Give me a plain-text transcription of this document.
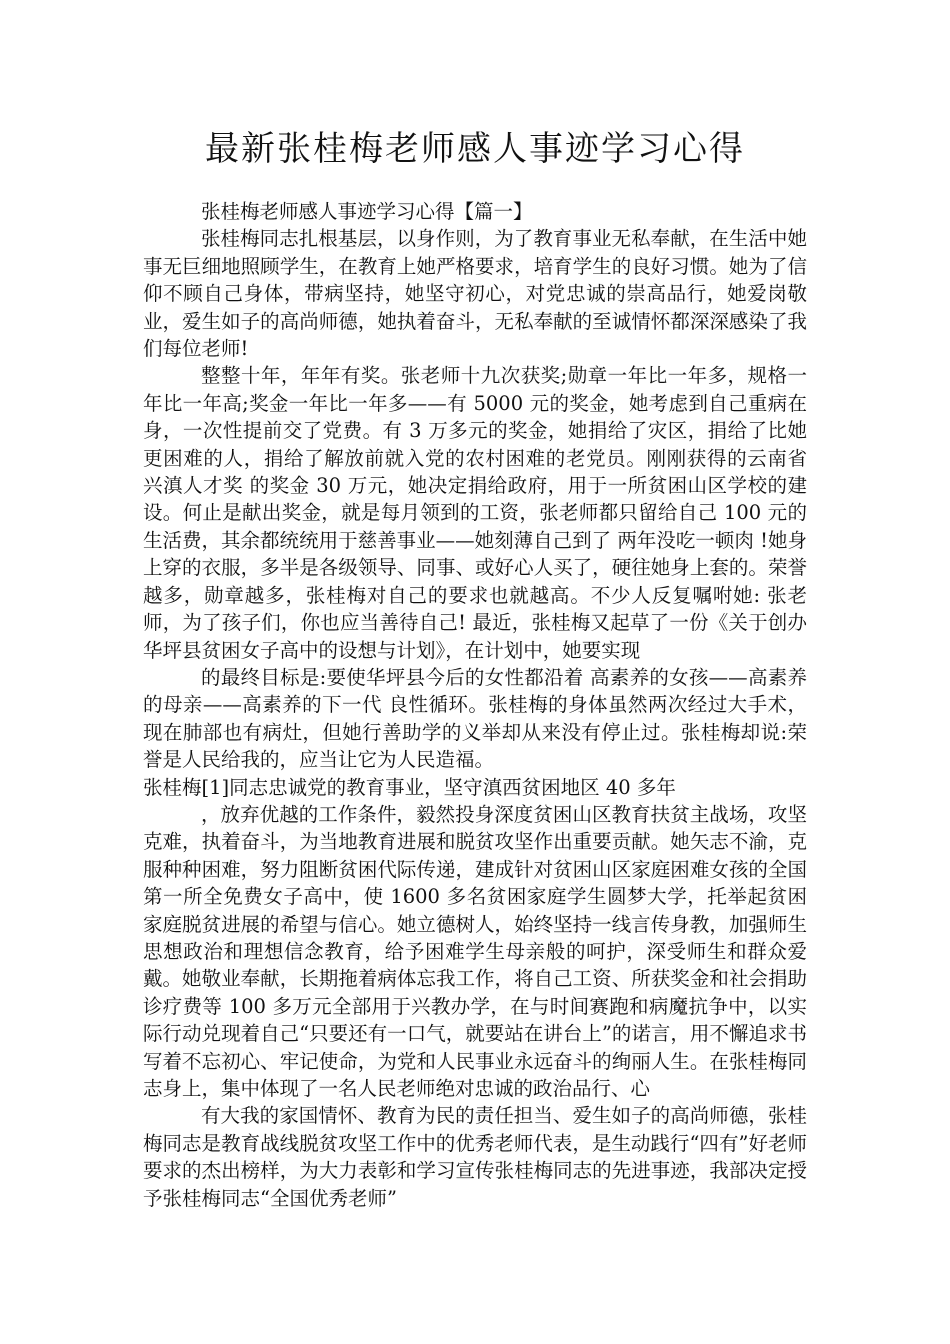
最新张桂梅老师感人事迹学习心得

张桂梅老师感人事迹学习心得【篇一】

张桂梅同志扎根基层，以身作则，为了教育事业无私奉献，在生活中她事无巨细地照顾学生，在教育上她严格要求，培育学生的良好习惯。她为了信仰不顾自己身体，带病坚持，她坚守初心，对党忠诚的崇高品行，她爱岗敬业，爱生如子的高尚师德，她执着奋斗，无私奉献的至诚情怀都深深感染了我们每位老师!

整整十年，年年有奖。张老师十九次获奖;勋章一年比一年多，规格一年比一年高;奖金一年比一年多——有 5000 元的奖金，她考虑到自己重病在身，一次性提前交了党费。有 3 万多元的奖金，她捐给了灾区，捐给了比她更困难的人，捐给了解放前就入党的农村困难的老党员。刚刚获得的云南省 兴滇人才奖 的奖金 30 万元，她决定捐给政府，用于一所贫困山区学校的建设。何止是献出奖金，就是每月领到的工资，张老师都只留给自己 100 元的生活费，其余都统统用于慈善事业——她刻薄自己到了 两年没吃一顿肉 !她身上穿的衣服，多半是各级领导、同事、或好心人买了，硬往她身上套的。荣誉越多，勋章越多，张桂梅对自己的要求也就越高。不少人反复嘱咐她: 张老师，为了孩子们，你也应当善待自己! 最近，张桂梅又起草了一份《关于创办华坪县贫困女子高中的设想与计划》，在计划中，她要实现

的最终目标是:要使华坪县今后的女性都沿着 高素养的女孩——高素养的母亲——高素养的下一代 良性循环。张桂梅的身体虽然两次经过大手术，现在肺部也有病灶，但她行善助学的义举却从来没有停止过。张桂梅却说:荣誉是人民给我的，应当让它为人民造福。

张桂梅[1]同志忠诚党的教育事业，坚守滇西贫困地区 40 多年

，放弃优越的工作条件，毅然投身深度贫困山区教育扶贫主战场，攻坚克难，执着奋斗，为当地教育进展和脱贫攻坚作出重要贡献。她矢志不渝，克服种种困难，努力阻断贫困代际传递，建成针对贫困山区家庭困难女孩的全国第一所全免费女子高中，使 1600 多名贫困家庭学生圆梦大学，托举起贫困家庭脱贫进展的希望与信心。她立德树人，始终坚持一线言传身教，加强师生思想政治和理想信念教育，给予困难学生母亲般的呵护，深受师生和群众爱戴。她敬业奉献，长期拖着病体忘我工作，将自己工资、所获奖金和社会捐助诊疗费等 100 多万元全部用于兴教办学，在与时间赛跑和病魔抗争中，以实际行动兑现着自己“只要还有一口气，就要站在讲台上”的诺言，用不懈追求书写着不忘初心、牢记使命，为党和人民事业永远奋斗的绚丽人生。在张桂梅同志身上，集中体现了一名人民老师绝对忠诚的政治品行、心

有大我的家国情怀、教育为民的责任担当、爱生如子的高尚师德，张桂梅同志是教育战线脱贫攻坚工作中的优秀老师代表，是生动践行“四有”好老师要求的杰出榜样，为大力表彰和学习宣传张桂梅同志的先进事迹，我部决定授予张桂梅同志“全国优秀老师”
